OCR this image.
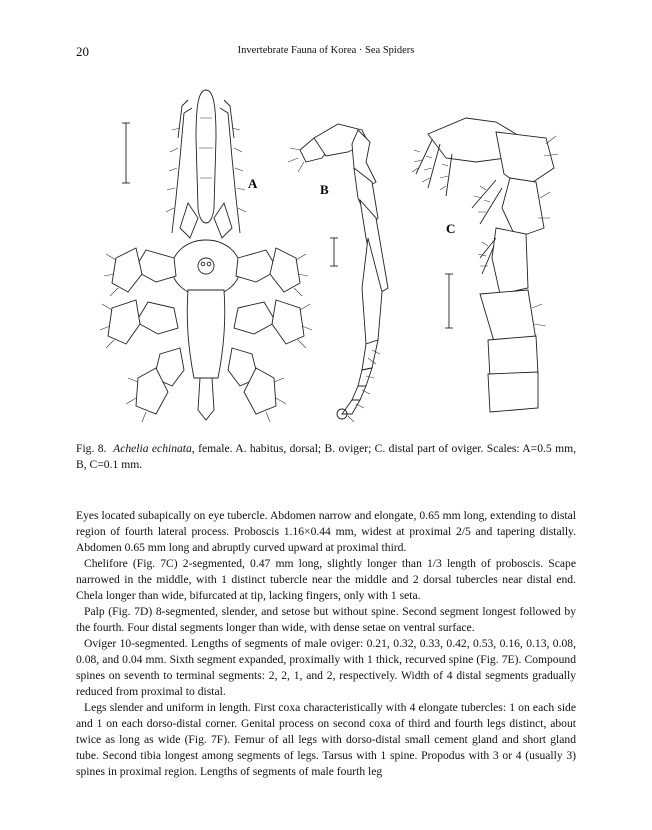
20	Invertebrate Fauna of Korea · Sea Spiders
A	B
C
Fig. 8. Achelia echinata, female. A. habitus, dorsal; B. oviger; C. distal part of oviger. Scales: A=0.5 mm, B, C=0.1 mm.

Eyes located subapically on eye tubercle. Abdomen narrow and elongate, 0.65 mm long, extending to distal region of fourth lateral process. Proboscis 1.16×0.44 mm, widest at proximal 2/5 and tapering distally. Abdomen 0.65 mm long and abruptly curved upward at proximal third.

Chelifore (Fig. 7C) 2-segmented, 0.47 mm long, slightly longer than 1/3 length of proboscis. Scape narrowed in the middle, with 1 distinct tubercle near the middle and 2 dorsal tubercles near distal end. Chela longer than wide, bifurcated at tip, lacking fingers, only with 1 seta.

Palp (Fig. 7D) 8-segmented, slender, and setose but without spine. Second segment longest followed by the fourth. Four distal segments longer than wide, with dense setae on ventral surface.

Oviger 10-segmented. Lengths of segments of male oviger: 0.21, 0.32, 0.33, 0.42, 0.53, 0.16, 0.13, 0.08, 0.08, and 0.04 mm. Sixth segment expanded, proximally with 1 thick, recurved spine (Fig. 7E). Compound spines on seventh to terminal segments: 2, 2, 1, and 2, respectively. Width of 4 distal segments gradually reduced from proximal to distal.

Legs slender and uniform in length. First coxa characteristically with 4 elongate tubercles: 1 on each side and 1 on each dorso-distal corner. Genital process on second coxa of third and fourth legs distinct, about twice as long as wide (Fig. 7F). Femur of all legs with dorso-distal small cement gland and short gland tube. Second tibia longest among segments of legs. Tarsus with 1 spine. Propodus with 3 or 4 (usually 3) spines in proximal region. Lengths of segments of male fourth leg
